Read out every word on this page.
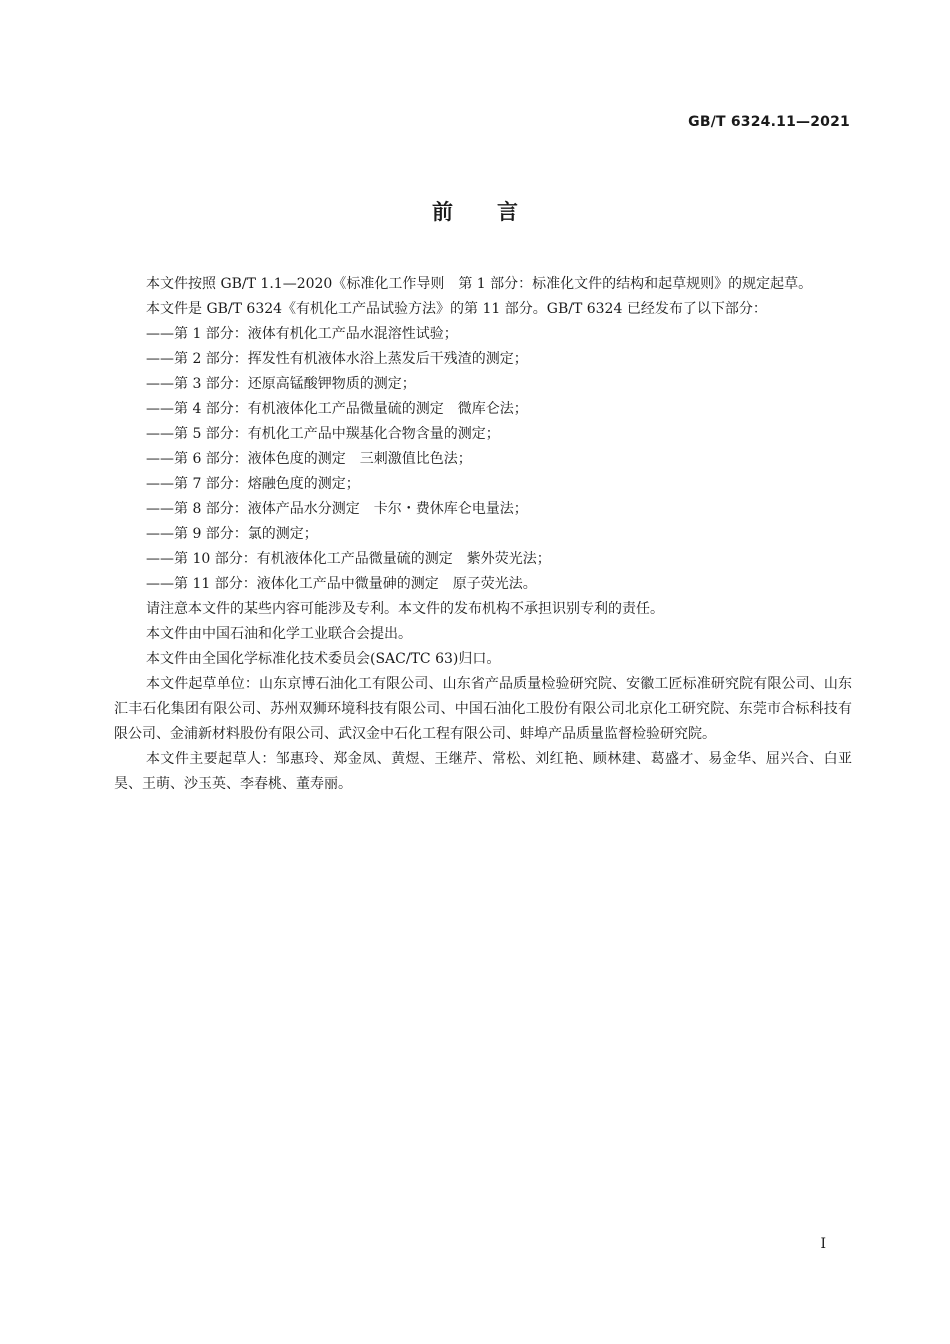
GB/T 6324.11—2021
前言

本文件按照 GB/T 1.1—2020《标准化工作导则　第 1 部分：标准化文件的结构和起草规则》的规定起草。

本文件是 GB/T 6324《有机化工产品试验方法》的第 11 部分。GB/T 6324 已经发布了以下部分：

——第 1 部分：液体有机化工产品水混溶性试验；

——第 2 部分：挥发性有机液体水浴上蒸发后干残渣的测定；

——第 3 部分：还原高锰酸钾物质的测定；

——第 4 部分：有机液体化工产品微量硫的测定　微库仑法；

——第 5 部分：有机化工产品中羰基化合物含量的测定；

——第 6 部分：液体色度的测定　三刺激值比色法；

——第 7 部分：熔融色度的测定；

——第 8 部分：液体产品水分测定　卡尔・费休库仑电量法；

——第 9 部分：氯的测定；

——第 10 部分：有机液体化工产品微量硫的测定　紫外荧光法；

——第 11 部分：液体化工产品中微量砷的测定　原子荧光法。

请注意本文件的某些内容可能涉及专利。本文件的发布机构不承担识别专利的责任。

本文件由中国石油和化学工业联合会提出。

本文件由全国化学标准化技术委员会(SAC/TC 63)归口。

本文件起草单位：山东京博石油化工有限公司、山东省产品质量检验研究院、安徽工匠标准研究院有限公司、山东汇丰石化集团有限公司、苏州双狮环境科技有限公司、中国石油化工股份有限公司北京化工研究院、东莞市合标科技有限公司、金浦新材料股份有限公司、武汉金中石化工程有限公司、蚌埠产品质量监督检验研究院。

本文件主要起草人：邹惠玲、郑金凤、黄煜、王继芹、常松、刘红艳、顾林建、葛盛才、易金华、屈兴合、白亚昊、王萌、沙玉英、李春桃、董寿丽。

I
